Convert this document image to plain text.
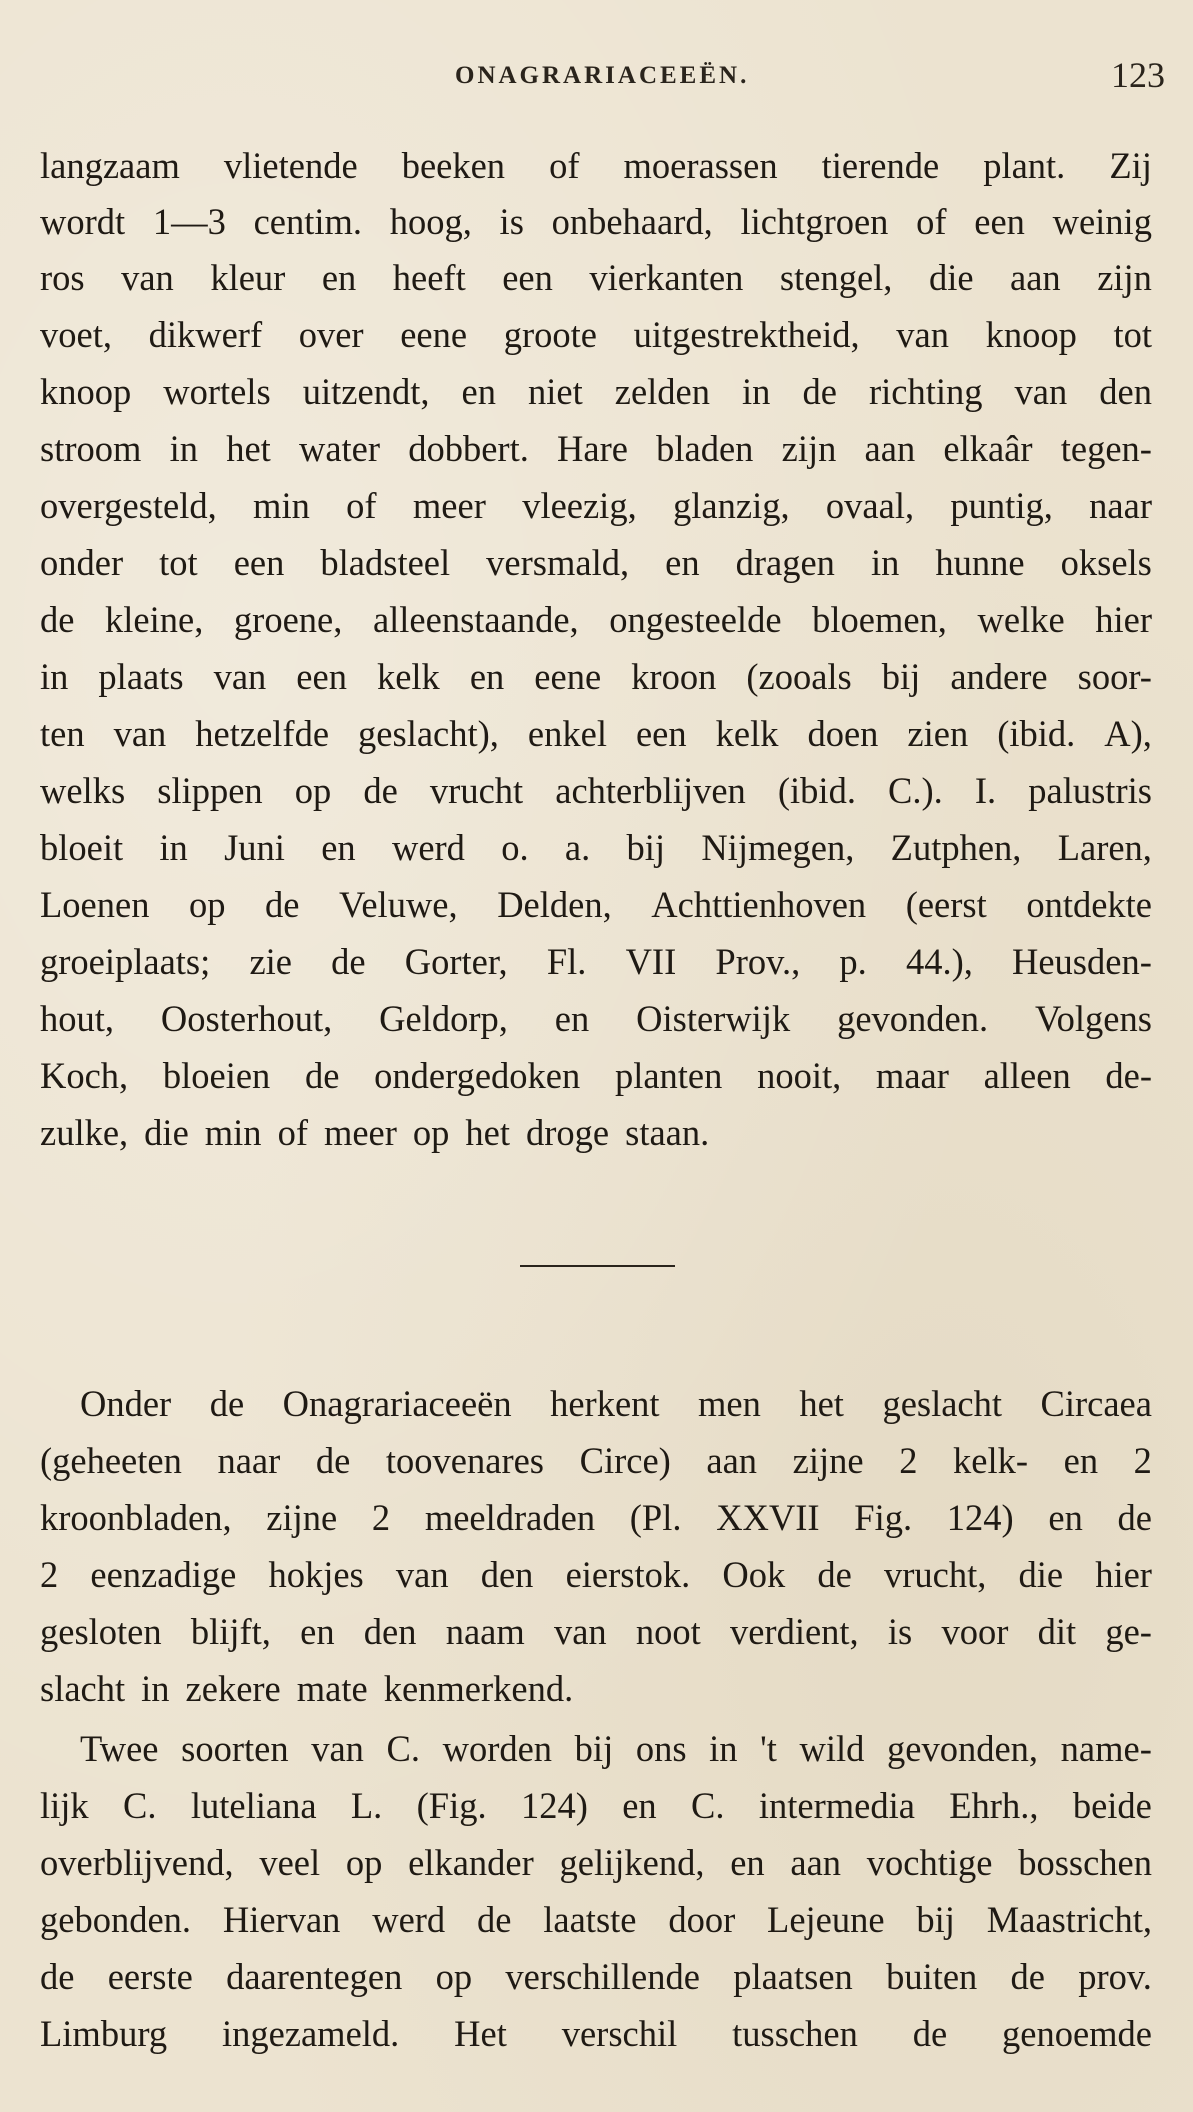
ONAGRARIACEEËN.	123
langzaam vlietende beeken of moerassen tierende plant. Zij
wordt 1—3 centim. hoog, is onbehaard, lichtgroen of een weinig
ros van kleur en heeft een vierkanten stengel, die aan zijn
voet, dikwerf over eene groote uitgestrektheid, van knoop tot
knoop wortels uitzendt, en niet zelden in de richting van den
stroom in het water dobbert. Hare bladen zijn aan elkaâr tegen-
overgesteld, min of meer vleezig, glanzig, ovaal, puntig, naar
onder tot een bladsteel versmald, en dragen in hunne oksels
de kleine, groene, alleenstaande, ongesteelde bloemen, welke hier
in plaats van een kelk en eene kroon (zooals bij andere soor-
ten van hetzelfde geslacht), enkel een kelk doen zien (ibid. A),
welks slippen op de vrucht achterblijven (ibid. C.). I. palustris
bloeit in Juni en werd o. a. bij Nijmegen, Zutphen, Laren,
Loenen op de Veluwe, Delden, Achttienhoven (eerst ontdekte
groeiplaats; zie de Gorter, Fl. VII Prov., p. 44.), Heusden-
hout, Oosterhout, Geldorp, en Oisterwijk gevonden. Volgens
Koch, bloeien de ondergedoken planten nooit, maar alleen de-
zulke, die min of meer op het droge staan.
Onder de Onagrariaceeën herkent men het geslacht Circaea
(geheeten naar de toovenares Circe) aan zijne 2 kelk- en 2
kroonbladen, zijne 2 meeldraden (Pl. XXVII Fig. 124) en de
2 eenzadige hokjes van den eierstok. Ook de vrucht, die hier
gesloten blijft, en den naam van noot verdient, is voor dit ge-
slacht in zekere mate kenmerkend.
Twee soorten van C. worden bij ons in 't wild gevonden, name-
lijk C. luteliana L. (Fig. 124) en C. intermedia Ehrh., beide
overblijvend, veel op elkander gelijkend, en aan vochtige bosschen
gebonden. Hiervan werd de laatste door Lejeune bij Maastricht,
de eerste daarentegen op verschillende plaatsen buiten de prov.
Limburg ingezameld. Het verschil tusschen de genoemde
